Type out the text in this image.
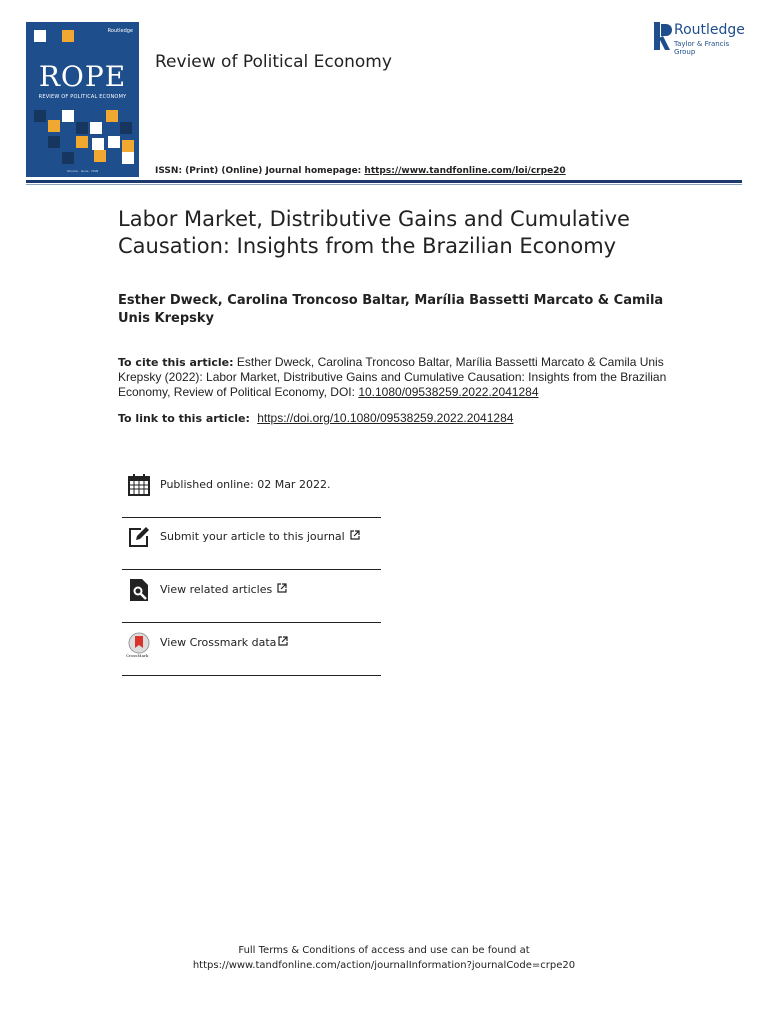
Routledge
ROPE
REVIEW OF POLITICAL ECONOMY
Volume · Issue · ISSN
Review of Political Economy
ISSN: (Print) (Online) Journal homepage: https://www.tandfonline.com/loi/crpe20
Routledge
Taylor & Francis Group
Labor Market, Distributive Gains and Cumulative Causation: Insights from the Brazilian Economy
Esther Dweck, Carolina Troncoso Baltar, Marília Bassetti Marcato & Camila Unis Krepsky
To cite this article: Esther Dweck, Carolina Troncoso Baltar, Marília Bassetti Marcato & Camila Unis Krepsky (2022): Labor Market, Distributive Gains and Cumulative Causation: Insights from the Brazilian Economy, Review of Political Economy, DOI: 10.1080/09538259.2022.2041284
To link to this article: https://doi.org/10.1080/09538259.2022.2041284
Published online: 02 Mar 2022.
Submit your article to this journal
View related articles
CrossMark
View Crossmark data
Full Terms & Conditions of access and use can be found at
https://www.tandfonline.com/action/journalInformation?journalCode=crpe20
